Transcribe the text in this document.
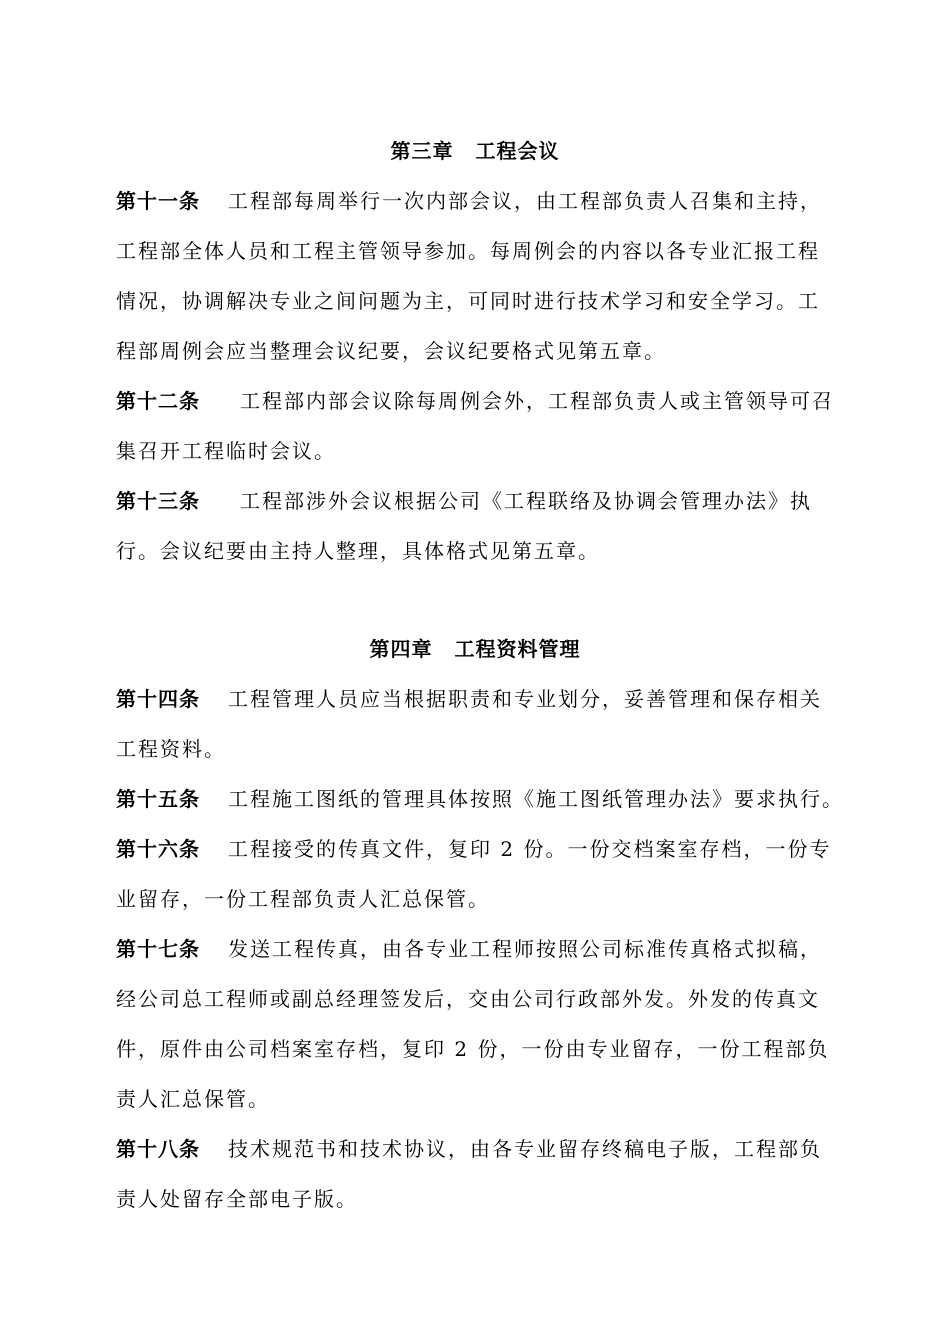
第三章 工程会议
第十一条 工程部每周举行一次内部会议，由工程部负责人召集和主持，工程部全体人员和工程主管领导参加。每周例会的内容以各专业汇报工程情况，协调解决专业之间问题为主，可同时进行技术学习和安全学习。工程部周例会应当整理会议纪要，会议纪要格式见第五章。
第十二条 工程部内部会议除每周例会外，工程部负责人或主管领导可召集召开工程临时会议。
第十三条 工程部涉外会议根据公司《工程联络及协调会管理办法》执行。会议纪要由主持人整理，具体格式见第五章。
第四章 工程资料管理
第十四条 工程管理人员应当根据职责和专业划分，妥善管理和保存相关工程资料。
第十五条 工程施工图纸的管理具体按照《施工图纸管理办法》要求执行。
第十六条 工程接受的传真文件，复印 2 份。一份交档案室存档，一份专业留存，一份工程部负责人汇总保管。
第十七条 发送工程传真，由各专业工程师按照公司标准传真格式拟稿，经公司总工程师或副总经理签发后，交由公司行政部外发。外发的传真文件，原件由公司档案室存档，复印 2 份，一份由专业留存，一份工程部负责人汇总保管。
第十八条 技术规范书和技术协议，由各专业留存终稿电子版，工程部负责人处留存全部电子版。
